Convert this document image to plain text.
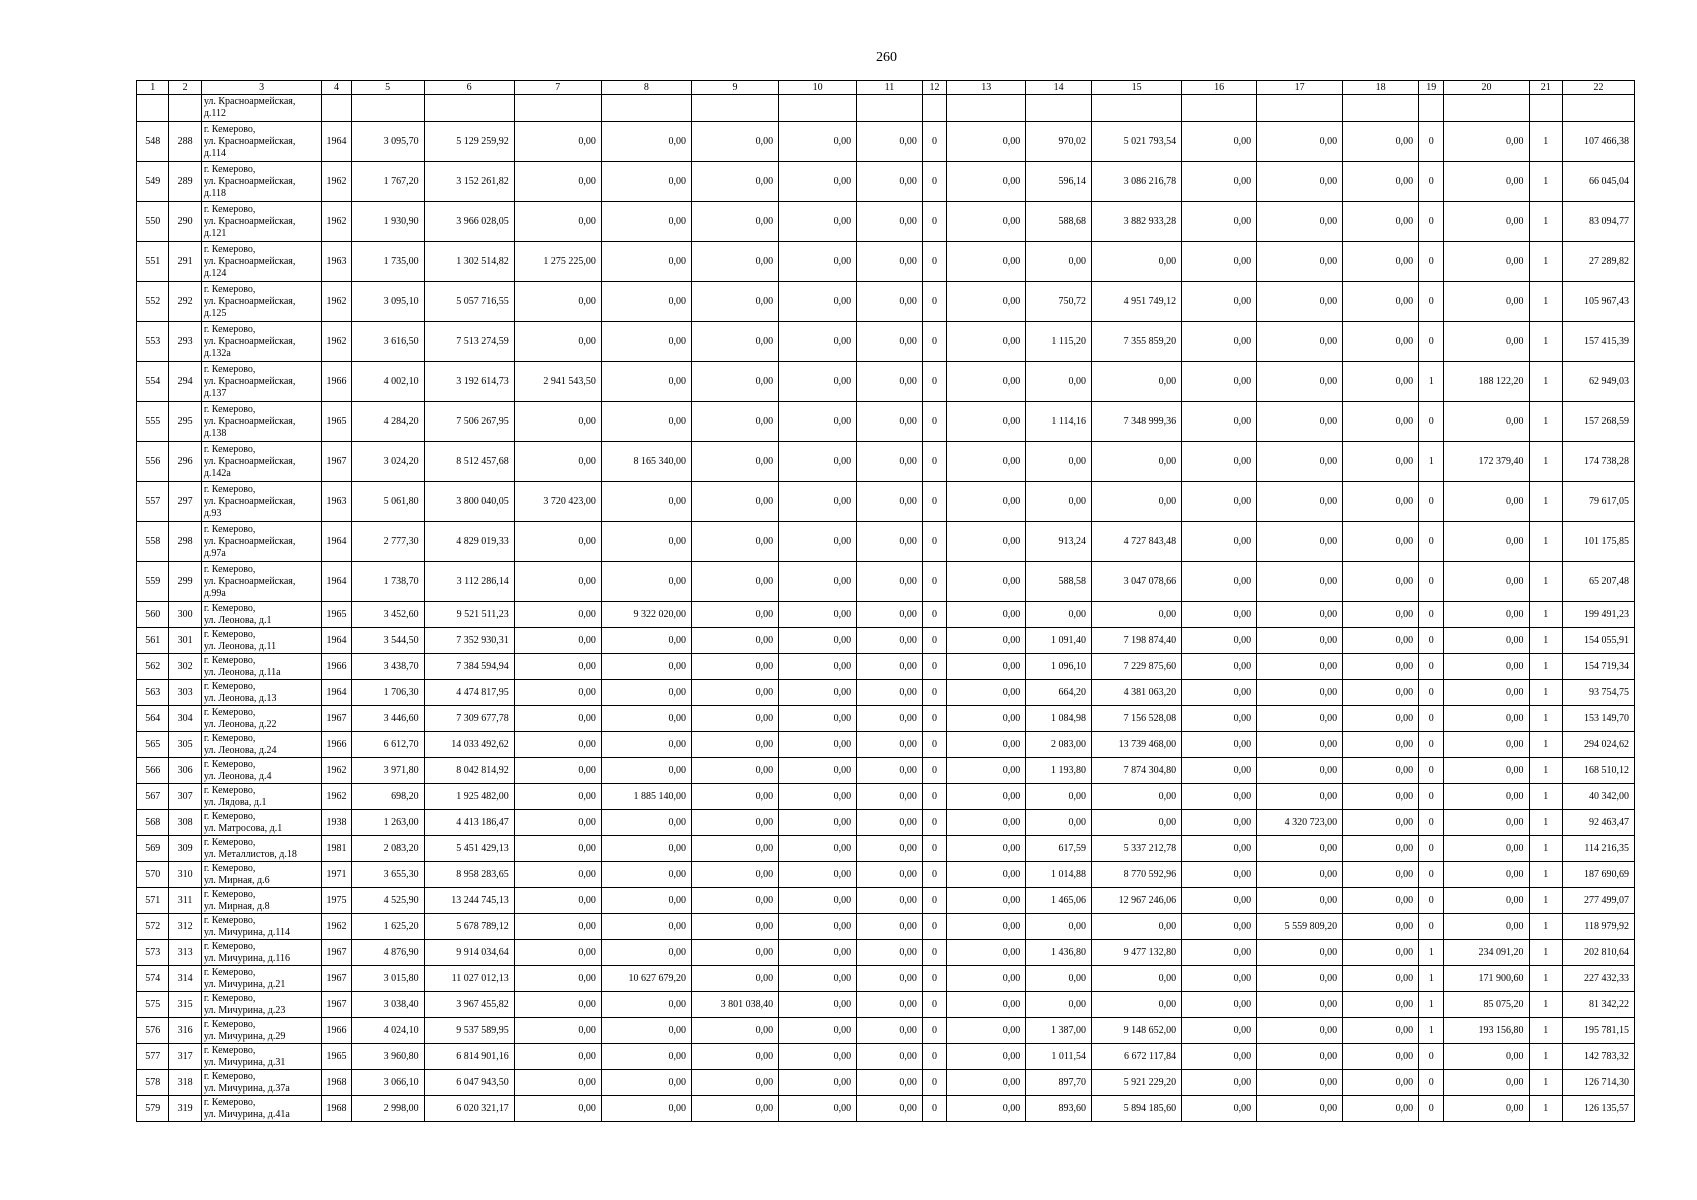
260
1	2	3	4	5	6	7	8	9	10	11	12	13	14	15	16	17	18	19	20	21	22

		ул. Красноармейская,
д.112																			

548	288	г. Кемерово,
ул. Красноармейская,
д.114	1964	3 095,70	5 129 259,92	0,00	0,00	0,00	0,00	0,00	0	0,00	970,02	5 021 793,54	0,00	0,00	0,00	0	0,00	1	107 466,38
549	289	г. Кемерово,
ул. Красноармейская,
д.118	1962	1 767,20	3 152 261,82	0,00	0,00	0,00	0,00	0,00	0	0,00	596,14	3 086 216,78	0,00	0,00	0,00	0	0,00	1	66 045,04
550	290	г. Кемерово,
ул. Красноармейская,
д.121	1962	1 930,90	3 966 028,05	0,00	0,00	0,00	0,00	0,00	0	0,00	588,68	3 882 933,28	0,00	0,00	0,00	0	0,00	1	83 094,77
551	291	г. Кемерово,
ул. Красноармейская,
д.124	1963	1 735,00	1 302 514,82	1 275 225,00	0,00	0,00	0,00	0,00	0	0,00	0,00	0,00	0,00	0,00	0,00	0	0,00	1	27 289,82
552	292	г. Кемерово,
ул. Красноармейская,
д.125	1962	3 095,10	5 057 716,55	0,00	0,00	0,00	0,00	0,00	0	0,00	750,72	4 951 749,12	0,00	0,00	0,00	0	0,00	1	105 967,43
553	293	г. Кемерово,
ул. Красноармейская,
д.132а	1962	3 616,50	7 513 274,59	0,00	0,00	0,00	0,00	0,00	0	0,00	1 115,20	7 355 859,20	0,00	0,00	0,00	0	0,00	1	157 415,39
554	294	г. Кемерово,
ул. Красноармейская,
д.137	1966	4 002,10	3 192 614,73	2 941 543,50	0,00	0,00	0,00	0,00	0	0,00	0,00	0,00	0,00	0,00	0,00	1	188 122,20	1	62 949,03
555	295	г. Кемерово,
ул. Красноармейская,
д.138	1965	4 284,20	7 506 267,95	0,00	0,00	0,00	0,00	0,00	0	0,00	1 114,16	7 348 999,36	0,00	0,00	0,00	0	0,00	1	157 268,59
556	296	г. Кемерово,
ул. Красноармейская,
д.142а	1967	3 024,20	8 512 457,68	0,00	8 165 340,00	0,00	0,00	0,00	0	0,00	0,00	0,00	0,00	0,00	0,00	1	172 379,40	1	174 738,28
557	297	г. Кемерово,
ул. Красноармейская,
д.93	1963	5 061,80	3 800 040,05	3 720 423,00	0,00	0,00	0,00	0,00	0	0,00	0,00	0,00	0,00	0,00	0,00	0	0,00	1	79 617,05
558	298	г. Кемерово,
ул. Красноармейская,
д.97а	1964	2 777,30	4 829 019,33	0,00	0,00	0,00	0,00	0,00	0	0,00	913,24	4 727 843,48	0,00	0,00	0,00	0	0,00	1	101 175,85
559	299	г. Кемерово,
ул. Красноармейская,
д.99а	1964	1 738,70	3 112 286,14	0,00	0,00	0,00	0,00	0,00	0	0,00	588,58	3 047 078,66	0,00	0,00	0,00	0	0,00	1	65 207,48
560	300	г. Кемерово,
ул. Леонова, д.1	1965	3 452,60	9 521 511,23	0,00	9 322 020,00	0,00	0,00	0,00	0	0,00	0,00	0,00	0,00	0,00	0,00	0	0,00	1	199 491,23
561	301	г. Кемерово,
ул. Леонова, д.11	1964	3 544,50	7 352 930,31	0,00	0,00	0,00	0,00	0,00	0	0,00	1 091,40	7 198 874,40	0,00	0,00	0,00	0	0,00	1	154 055,91
562	302	г. Кемерово,
ул. Леонова, д.11а	1966	3 438,70	7 384 594,94	0,00	0,00	0,00	0,00	0,00	0	0,00	1 096,10	7 229 875,60	0,00	0,00	0,00	0	0,00	1	154 719,34
563	303	г. Кемерово,
ул. Леонова, д.13	1964	1 706,30	4 474 817,95	0,00	0,00	0,00	0,00	0,00	0	0,00	664,20	4 381 063,20	0,00	0,00	0,00	0	0,00	1	93 754,75
564	304	г. Кемерово,
ул. Леонова, д.22	1967	3 446,60	7 309 677,78	0,00	0,00	0,00	0,00	0,00	0	0,00	1 084,98	7 156 528,08	0,00	0,00	0,00	0	0,00	1	153 149,70
565	305	г. Кемерово,
ул. Леонова, д.24	1966	6 612,70	14 033 492,62	0,00	0,00	0,00	0,00	0,00	0	0,00	2 083,00	13 739 468,00	0,00	0,00	0,00	0	0,00	1	294 024,62
566	306	г. Кемерово,
ул. Леонова, д.4	1962	3 971,80	8 042 814,92	0,00	0,00	0,00	0,00	0,00	0	0,00	1 193,80	7 874 304,80	0,00	0,00	0,00	0	0,00	1	168 510,12
567	307	г. Кемерово,
ул. Лядова, д.1	1962	698,20	1 925 482,00	0,00	1 885 140,00	0,00	0,00	0,00	0	0,00	0,00	0,00	0,00	0,00	0,00	0	0,00	1	40 342,00
568	308	г. Кемерово,
ул. Матросова, д.1	1938	1 263,00	4 413 186,47	0,00	0,00	0,00	0,00	0,00	0	0,00	0,00	0,00	0,00	4 320 723,00	0,00	0	0,00	1	92 463,47
569	309	г. Кемерово,
ул. Металлистов, д.18	1981	2 083,20	5 451 429,13	0,00	0,00	0,00	0,00	0,00	0	0,00	617,59	5 337 212,78	0,00	0,00	0,00	0	0,00	1	114 216,35
570	310	г. Кемерово,
ул. Мирная, д.6	1971	3 655,30	8 958 283,65	0,00	0,00	0,00	0,00	0,00	0	0,00	1 014,88	8 770 592,96	0,00	0,00	0,00	0	0,00	1	187 690,69
571	311	г. Кемерово,
ул. Мирная, д.8	1975	4 525,90	13 244 745,13	0,00	0,00	0,00	0,00	0,00	0	0,00	1 465,06	12 967 246,06	0,00	0,00	0,00	0	0,00	1	277 499,07
572	312	г. Кемерово,
ул. Мичурина, д.114	1962	1 625,20	5 678 789,12	0,00	0,00	0,00	0,00	0,00	0	0,00	0,00	0,00	0,00	5 559 809,20	0,00	0	0,00	1	118 979,92
573	313	г. Кемерово,
ул. Мичурина, д.116	1967	4 876,90	9 914 034,64	0,00	0,00	0,00	0,00	0,00	0	0,00	1 436,80	9 477 132,80	0,00	0,00	0,00	1	234 091,20	1	202 810,64
574	314	г. Кемерово,
ул. Мичурина, д.21	1967	3 015,80	11 027 012,13	0,00	10 627 679,20	0,00	0,00	0,00	0	0,00	0,00	0,00	0,00	0,00	0,00	1	171 900,60	1	227 432,33
575	315	г. Кемерово,
ул. Мичурина, д.23	1967	3 038,40	3 967 455,82	0,00	0,00	3 801 038,40	0,00	0,00	0	0,00	0,00	0,00	0,00	0,00	0,00	1	85 075,20	1	81 342,22
576	316	г. Кемерово,
ул. Мичурина, д.29	1966	4 024,10	9 537 589,95	0,00	0,00	0,00	0,00	0,00	0	0,00	1 387,00	9 148 652,00	0,00	0,00	0,00	1	193 156,80	1	195 781,15
577	317	г. Кемерово,
ул. Мичурина, д.31	1965	3 960,80	6 814 901,16	0,00	0,00	0,00	0,00	0,00	0	0,00	1 011,54	6 672 117,84	0,00	0,00	0,00	0	0,00	1	142 783,32
578	318	г. Кемерово,
ул. Мичурина, д.37а	1968	3 066,10	6 047 943,50	0,00	0,00	0,00	0,00	0,00	0	0,00	897,70	5 921 229,20	0,00	0,00	0,00	0	0,00	1	126 714,30
579	319	г. Кемерово,
ул. Мичурина, д.41а	1968	2 998,00	6 020 321,17	0,00	0,00	0,00	0,00	0,00	0	0,00	893,60	5 894 185,60	0,00	0,00	0,00	0	0,00	1	126 135,57
